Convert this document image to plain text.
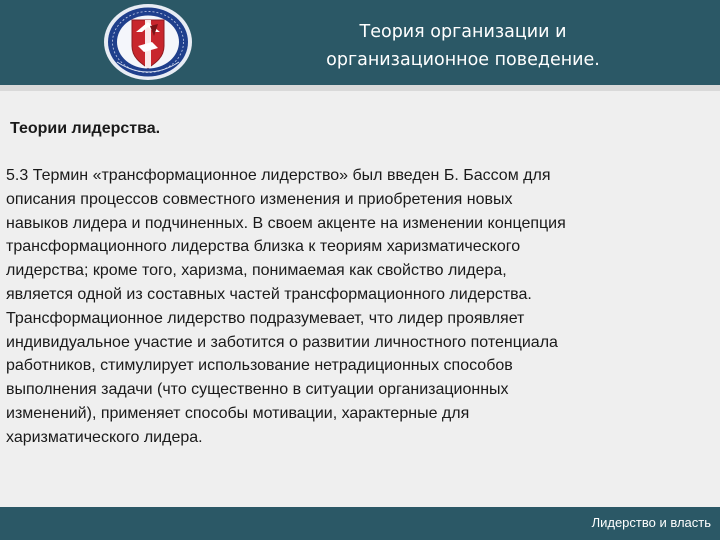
Теория организации и
организационное поведение.
Теории лидерства.
5.3 Термин «трансформационное лидерство» был введен Б. Бассом для
описания процессов совместного изменения и приобретения новых
навыков лидера и подчиненных. В своем акценте на изменении концепция
трансформационного лидерства близка к теориям харизматического
лидерства; кроме того, харизма, понимаемая как свойство лидера,
является одной из составных частей трансформационного лидерства.
Трансформационное лидерство подразумевает, что лидер проявляет
индивидуальное участие и заботится о развитии личностного потенциала
работников, стимулирует использование нетрадиционных способов
выполнения задачи (что существенно в ситуации организационных
изменений), применяет способы мотивации, характерные для
харизматического лидера.
Лидерство и власть
